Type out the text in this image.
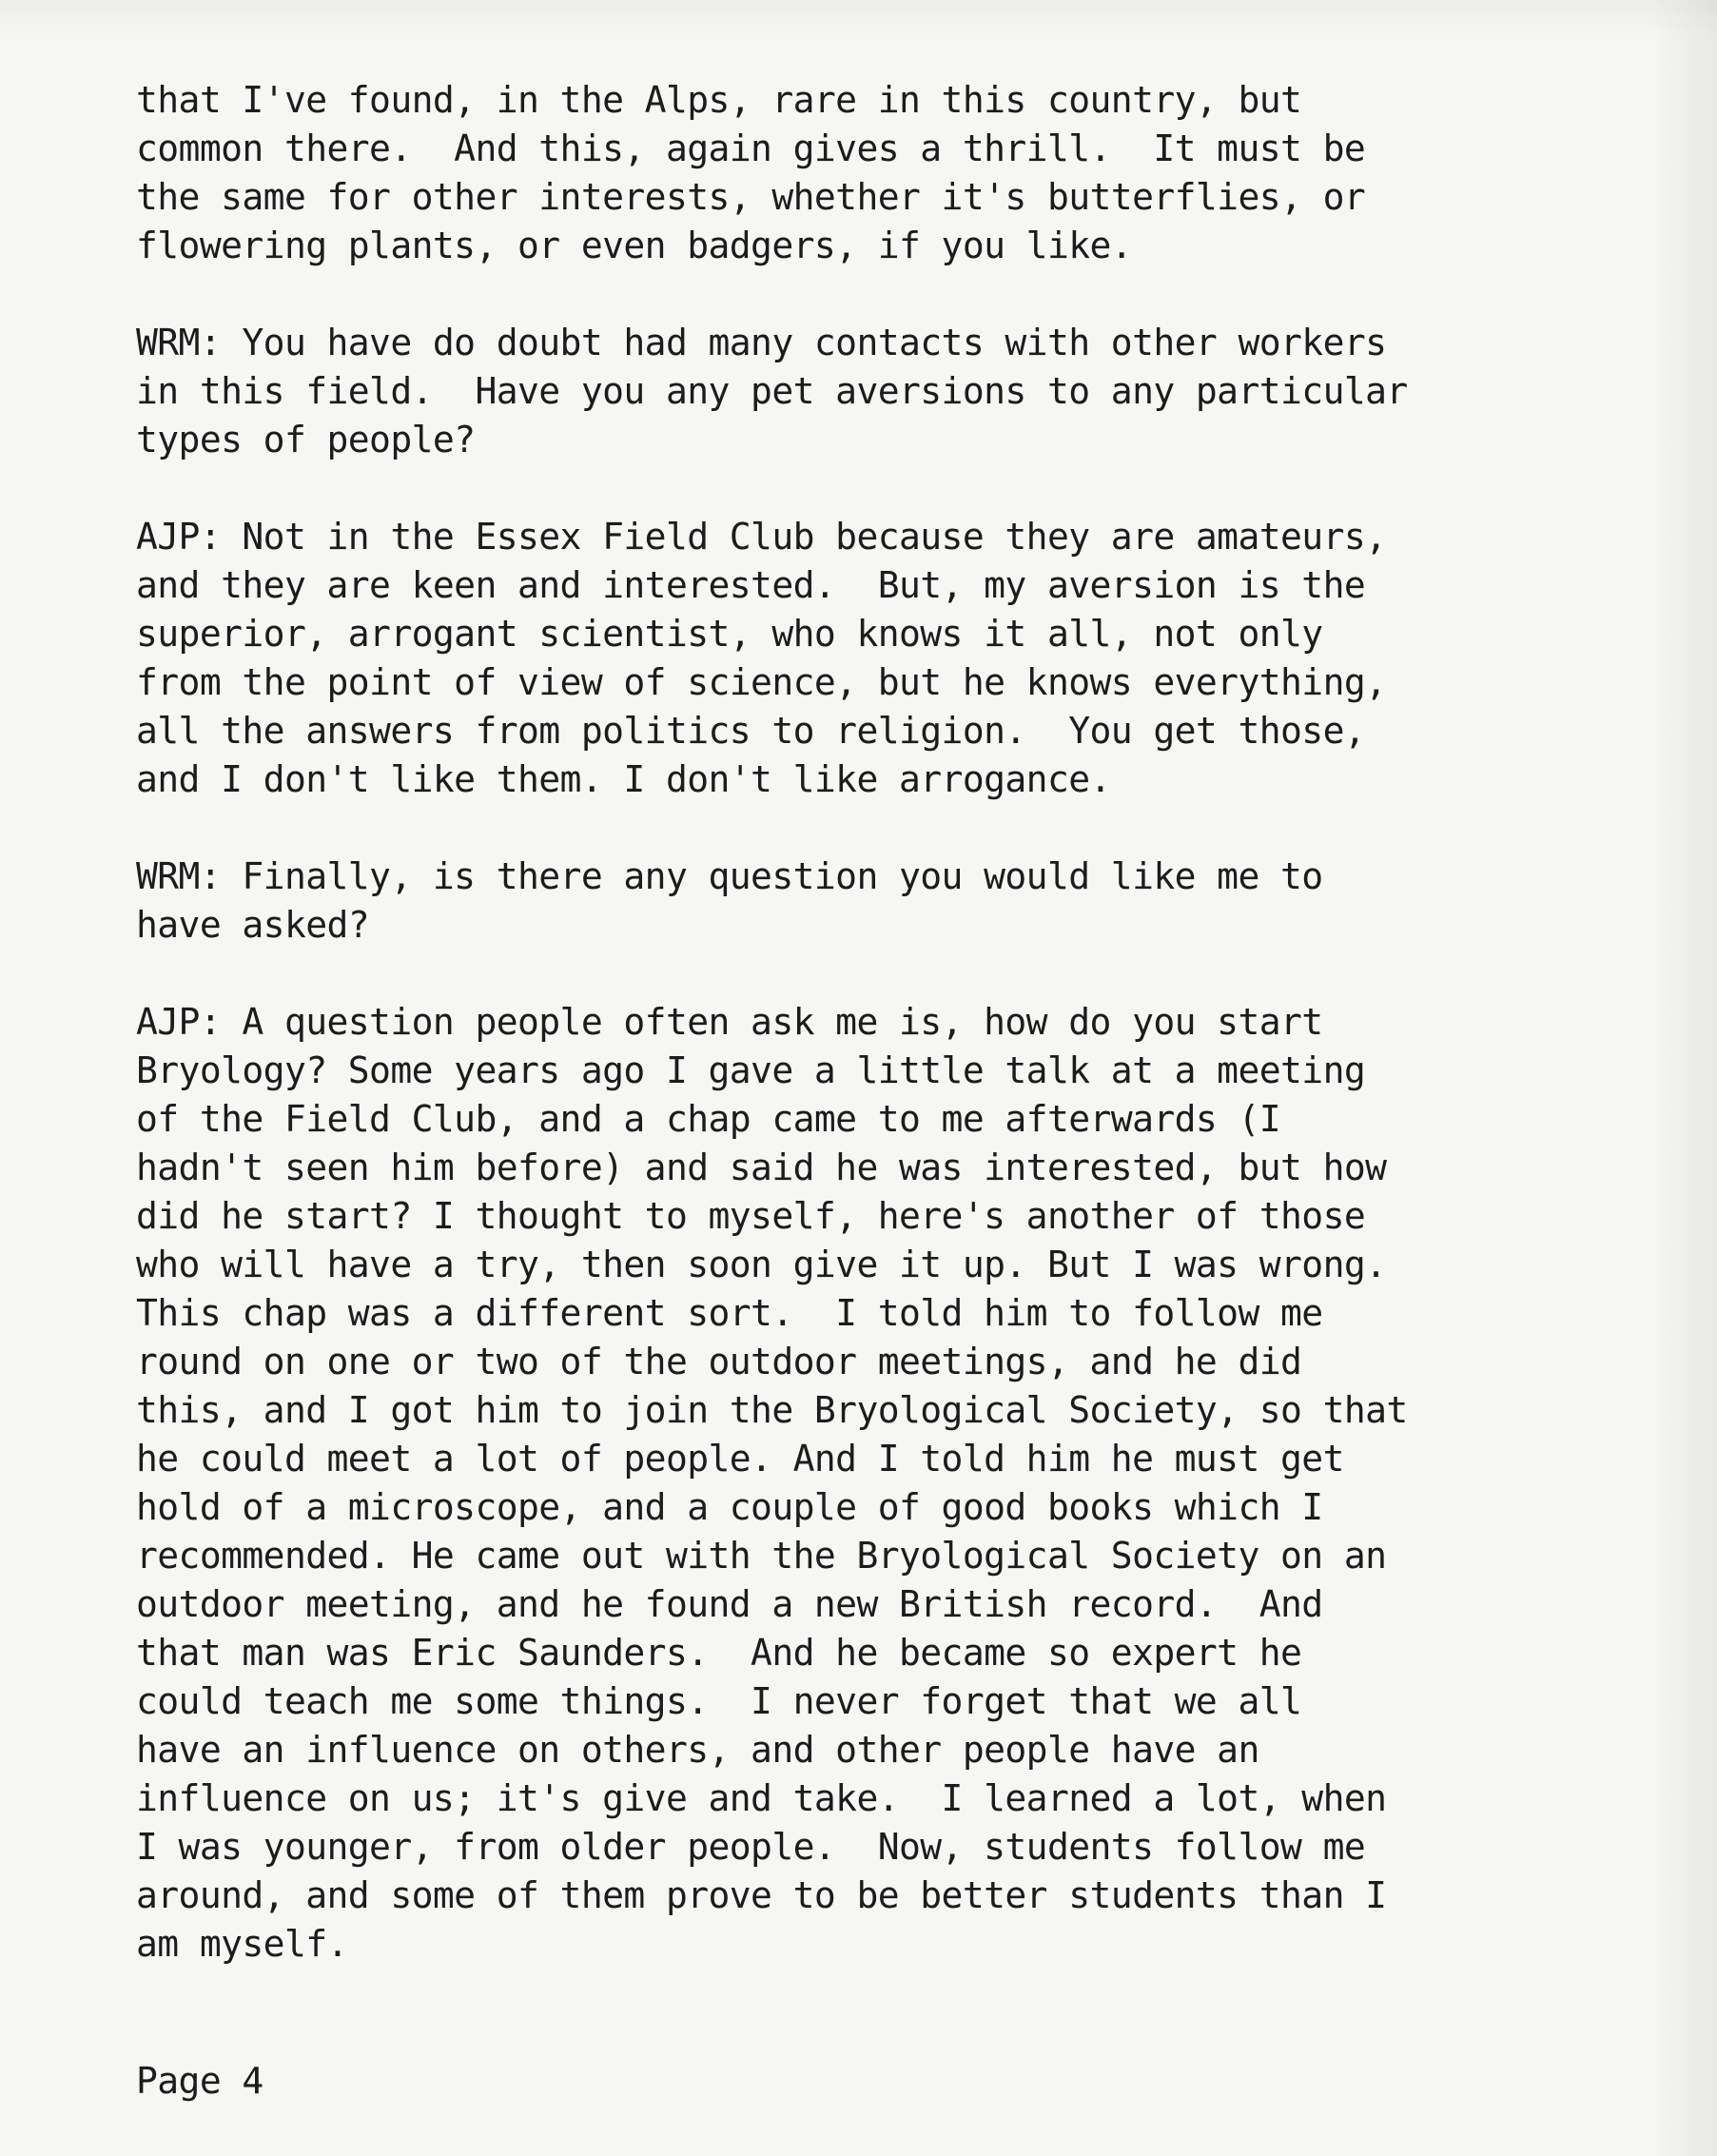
that I've found, in the Alps, rare in this country, but
common there.  And this, again gives a thrill.  It must be
the same for other interests, whether it's butterflies, or
flowering plants, or even badgers, if you like.
WRM: You have do doubt had many contacts with other workers
in this field.  Have you any pet aversions to any particular
types of people?
AJP: Not in the Essex Field Club because they are amateurs,
and they are keen and interested.  But, my aversion is the
superior, arrogant scientist, who knows it all, not only
from the point of view of science, but he knows everything,
all the answers from politics to religion.  You get those,
and I don't like them. I don't like arrogance.
WRM: Finally, is there any question you would like me to
have asked?
AJP: A question people often ask me is, how do you start
Bryology? Some years ago I gave a little talk at a meeting
of the Field Club, and a chap came to me afterwards (I
hadn't seen him before) and said he was interested, but how
did he start? I thought to myself, here's another of those
who will have a try, then soon give it up. But I was wrong.
This chap was a different sort.  I told him to follow me
round on one or two of the outdoor meetings, and he did
this, and I got him to join the Bryological Society, so that
he could meet a lot of people. And I told him he must get
hold of a microscope, and a couple of good books which I
recommended. He came out with the Bryological Society on an
outdoor meeting, and he found a new British record.  And
that man was Eric Saunders.  And he became so expert he
could teach me some things.  I never forget that we all
have an influence on others, and other people have an
influence on us; it's give and take.  I learned a lot, when
I was younger, from older people.  Now, students follow me
around, and some of them prove to be better students than I
am myself.
Page 4
